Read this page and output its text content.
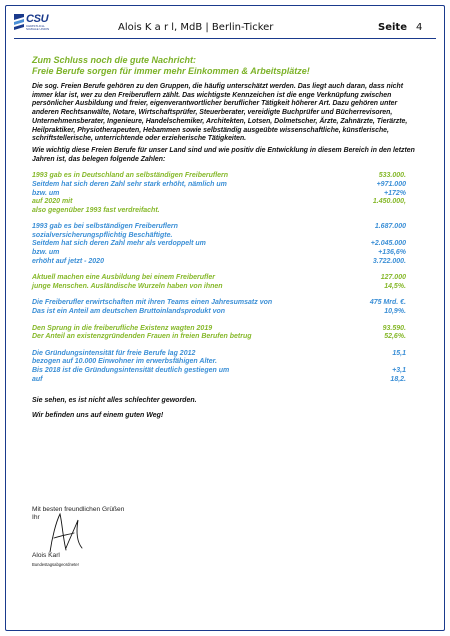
CSU
CHRISTLICH-SOZIALE UNION	Alois K a r l, MdB | Berlin-Ticker	Seite 4
Zum Schluss noch die gute Nachricht:
Freie Berufe sorgen für immer mehr Einkommen & Arbeitsplätze!

Die sog. Freien Berufe gehören zu den Gruppen, die häufig unterschätzt werden. Das liegt auch daran, dass nicht immer klar ist, wer zu den Freiberuflern zählt. Das wichtigste Kennzeichen ist die enge Verknüpfung zwischen persönlicher Ausbildung und freier, eigenverantwortlicher beruflicher Tätigkeit höherer Art. Dazu gehören unter anderen Rechtsanwälte, Notare, Wirtschaftsprüfer, Steuerberater, vereidigte Buchprüfer und Bücherrevisoren, Unternehmensberater, Ingenieure, Handelschemiker, Architekten, Lotsen, Dolmetscher, Ärzte, Zahnärzte, Tierärzte, Heilpraktiker, Physiotherapeuten, Hebammen sowie selbständig ausgeübte wissenschaftliche, künstlerische, schriftstellerische, unterrichtende oder erzieherische Tätigkeiten.

Wie wichtig diese Freien Berufe für unser Land sind und wie positiv die Entwicklung in diesem Bereich in den letzten Jahren ist, das belegen folgende Zahlen:

1993 gab es in Deutschland an selbständigen Freiberuflern	533.000.
Seitdem hat sich deren Zahl sehr stark erhöht, nämlich um	+971.000
bzw. um	+172%
auf 2020 mit	1.450.000,
also gegenüber 1993 fast verdreifacht.
1993 gab es bei selbständigen Freiberuflern	1.687.000
sozialversicherungspflichtig Beschäftigte.
Seitdem hat sich deren Zahl mehr als verdoppelt um	+2.045.000
bzw. um	+136,6%
erhöht auf jetzt - 2020	3.722.000.
Aktuell machen eine Ausbildung bei einem Freiberufler	127.000
junge Menschen. Ausländische Wurzeln haben von ihnen	14,5%.
Die Freiberufler erwirtschaften mit ihren Teams einen Jahresumsatz von	475 Mrd. €.
Das ist ein Anteil am deutschen Bruttoinlandsprodukt von	10,9%.
Den Sprung in die freiberufliche Existenz wagten 2019	93.590.
Der Anteil an existenzgründenden Frauen in freien Berufen betrug	52,6%.
Die Gründungsintensität für freie Berufe lag 2012	15,1
bezogen auf 10.000 Einwohner im erwerbsfähigen Alter.
Bis 2018 ist die Gründungsintensität deutlich gestiegen um	+3,1
auf	18,2.

Sie sehen, es ist nicht alles schlechter geworden.

Wir befinden uns auf einem guten Weg!

Mit besten freundlichen Grüßen
Ihr
Alois Karl
Bundestagsabgeordneter
